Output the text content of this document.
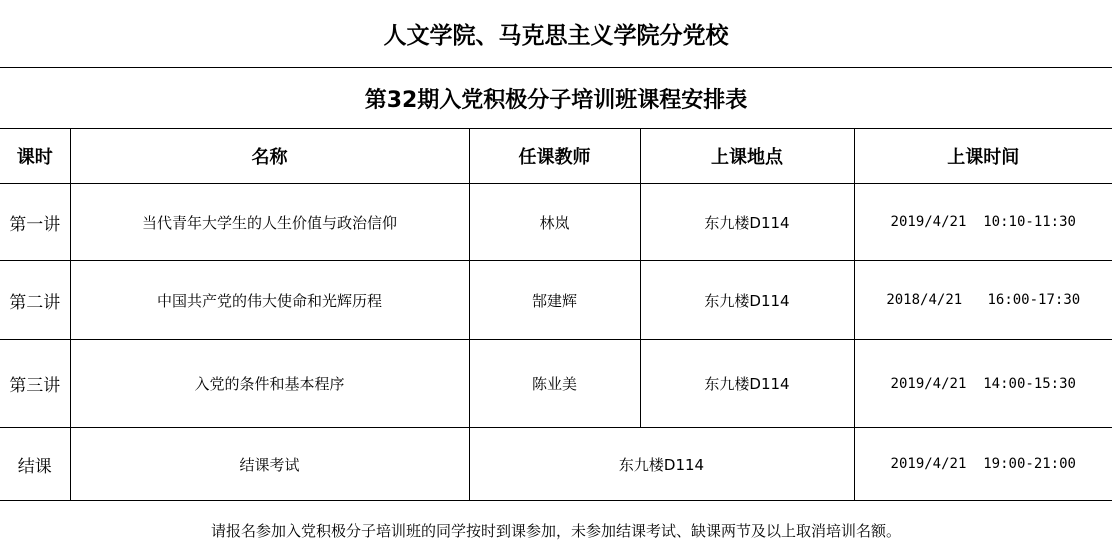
人文学院、马克思主义学院分党校
第32期入党积极分子培训班课程安排表
课时	名称	任课教师	上课地点	上课时间
第一讲	当代青年大学生的人生价值与政治信仰	林岚	东九楼D114	2019/4/21  10:10-11:30
第二讲	中国共产党的伟大使命和光辉历程	郜建辉	东九楼D114	2018/4/21   16:00-17:30
第三讲	入党的条件和基本程序	陈业美	东九楼D114	2019/4/21  14:00-15:30
结课	结课考试	东九楼D114		2019/4/21  19:00-21:00
请报名参加入党积极分子培训班的同学按时到课参加，未参加结课考试、缺课两节及以上取消培训名额。
